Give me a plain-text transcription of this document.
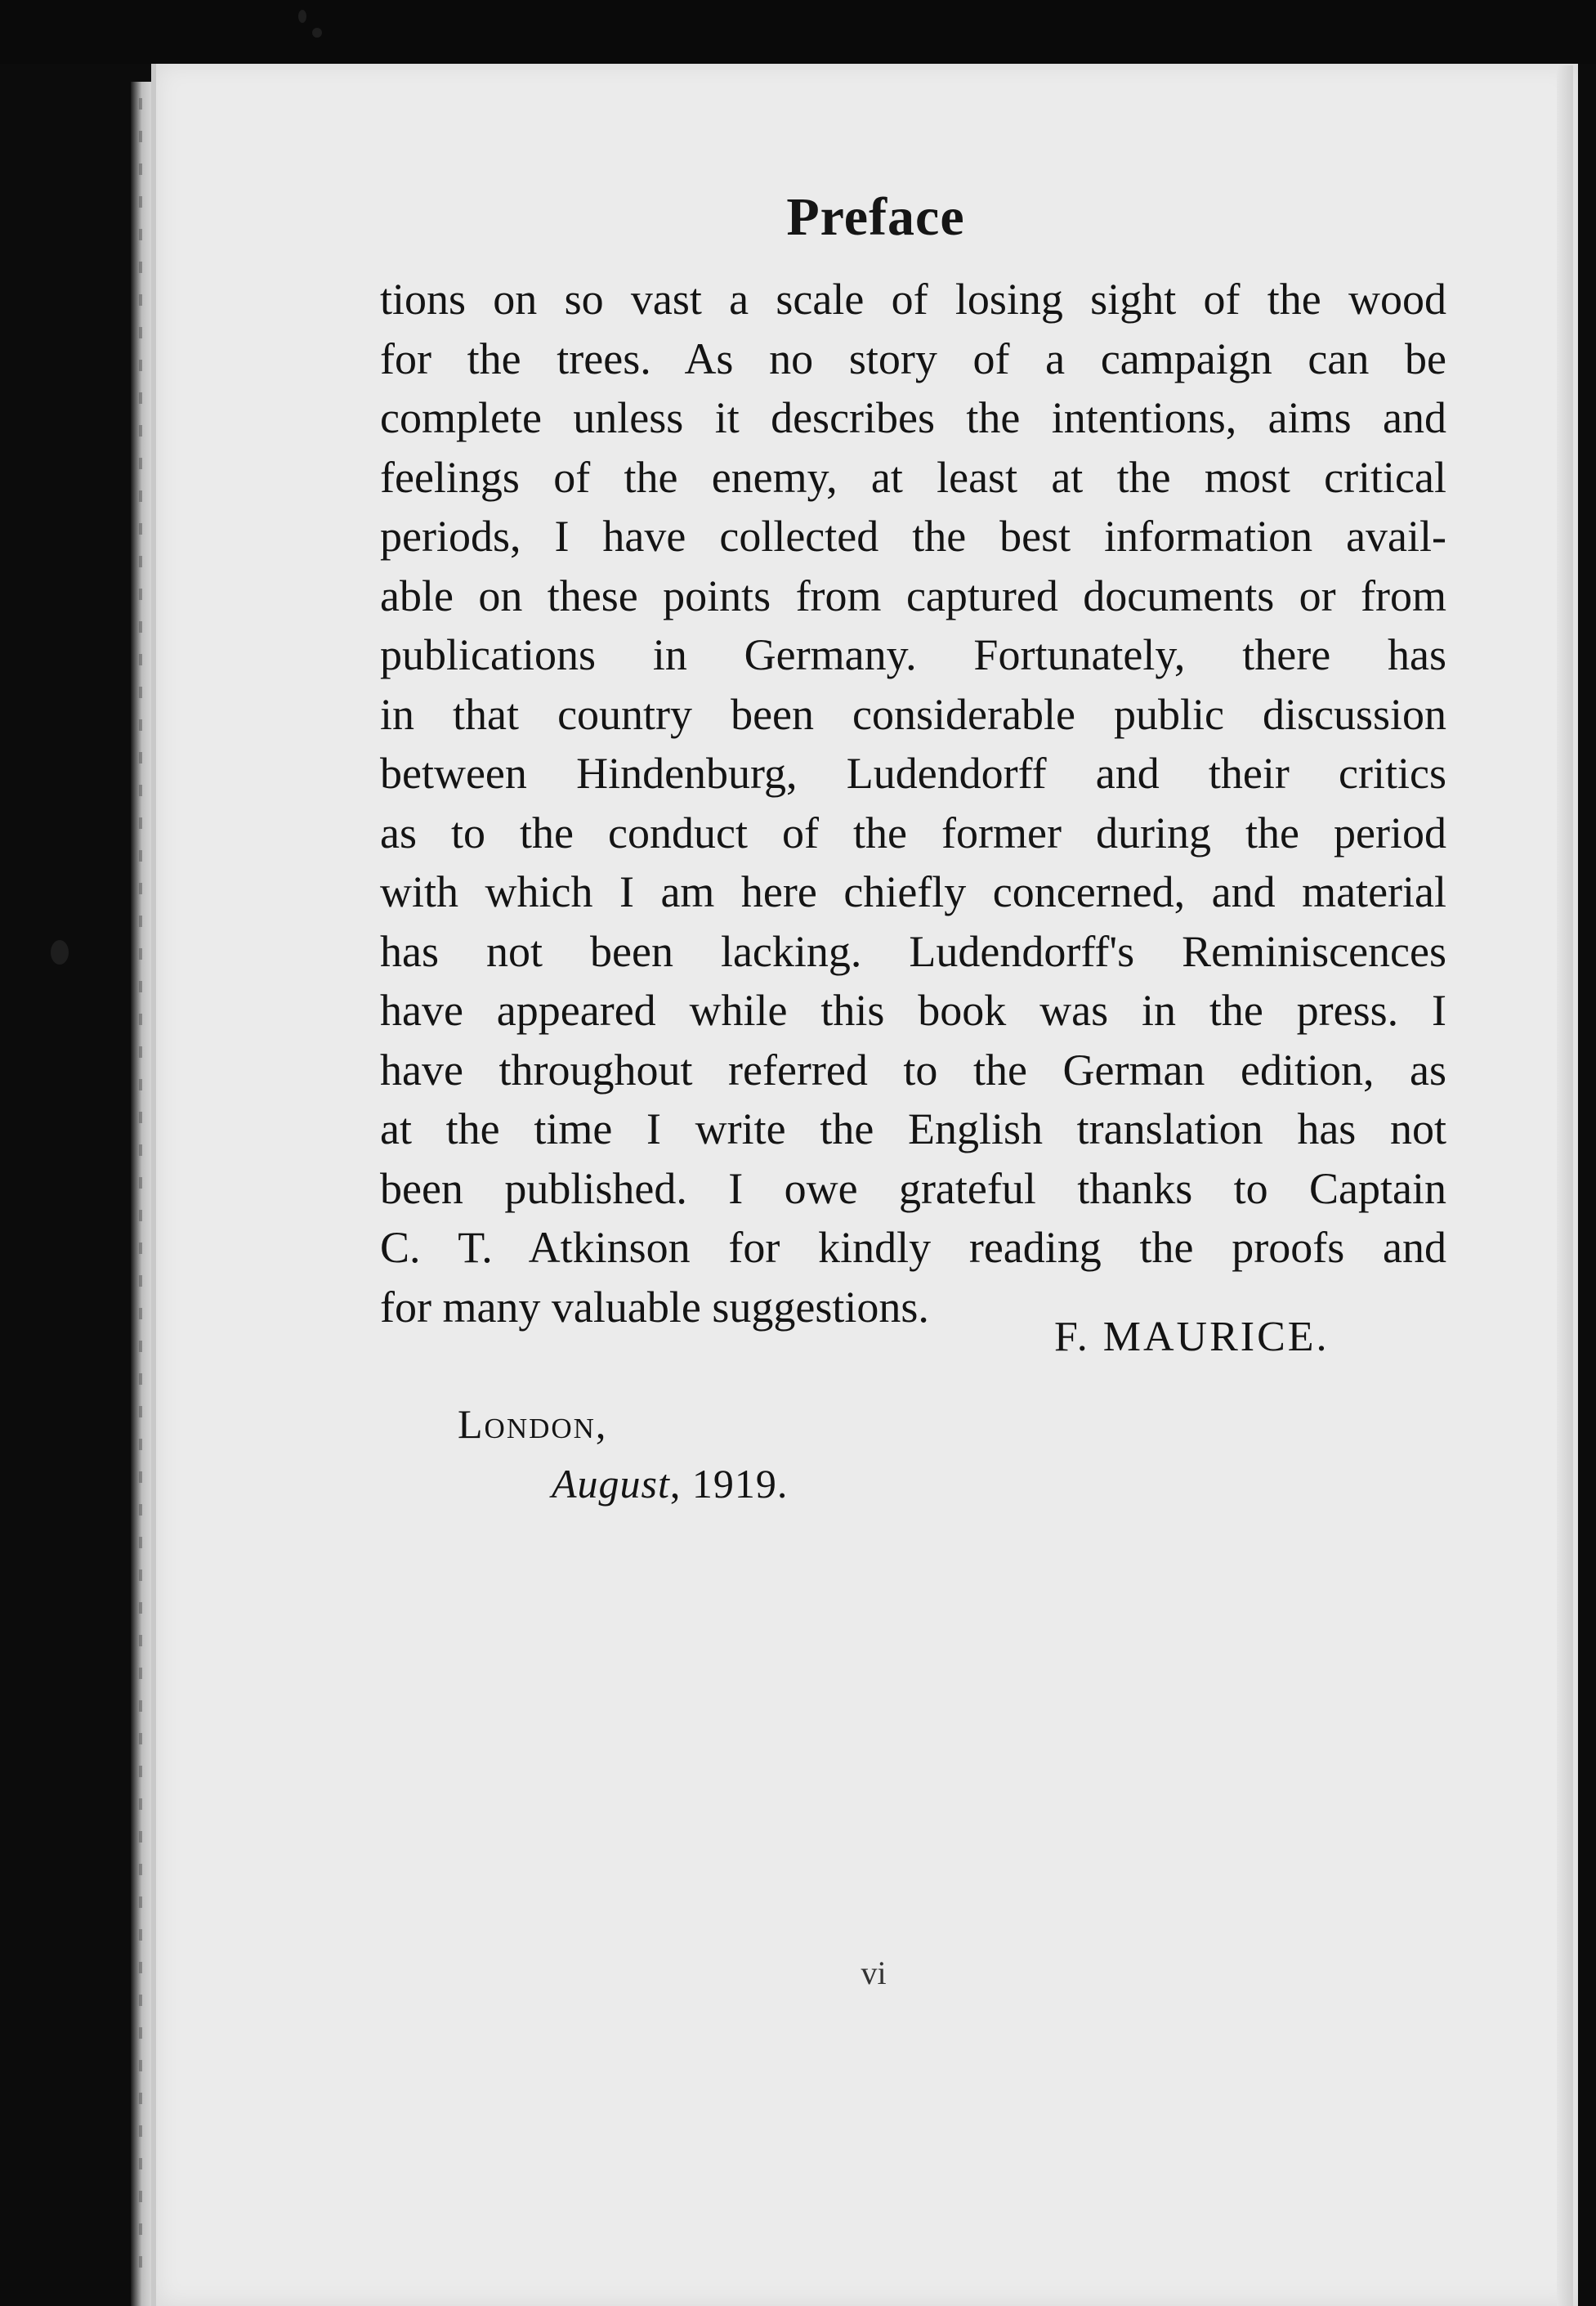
Preface
tions on so vast a scale of losing sight of the wood
for the trees. As no story of a campaign can be
complete unless it describes the intentions, aims and
feelings of the enemy, at least at the most critical
periods, I have collected the best information avail-
able on these points from captured documents or from
publications in Germany. Fortunately, there has
in that country been considerable public discussion
between Hindenburg, Ludendorff and their critics
as to the conduct of the former during the period
with which I am here chiefly concerned, and material
has not been lacking. Ludendorff's Reminiscences
have appeared while this book was in the press. I
have throughout referred to the German edition, as
at the time I write the English translation has not
been published. I owe grateful thanks to Captain
C. T. Atkinson for kindly reading the proofs and
for many valuable suggestions.
F. MAURICE.
London,
August, 1919.
vi
